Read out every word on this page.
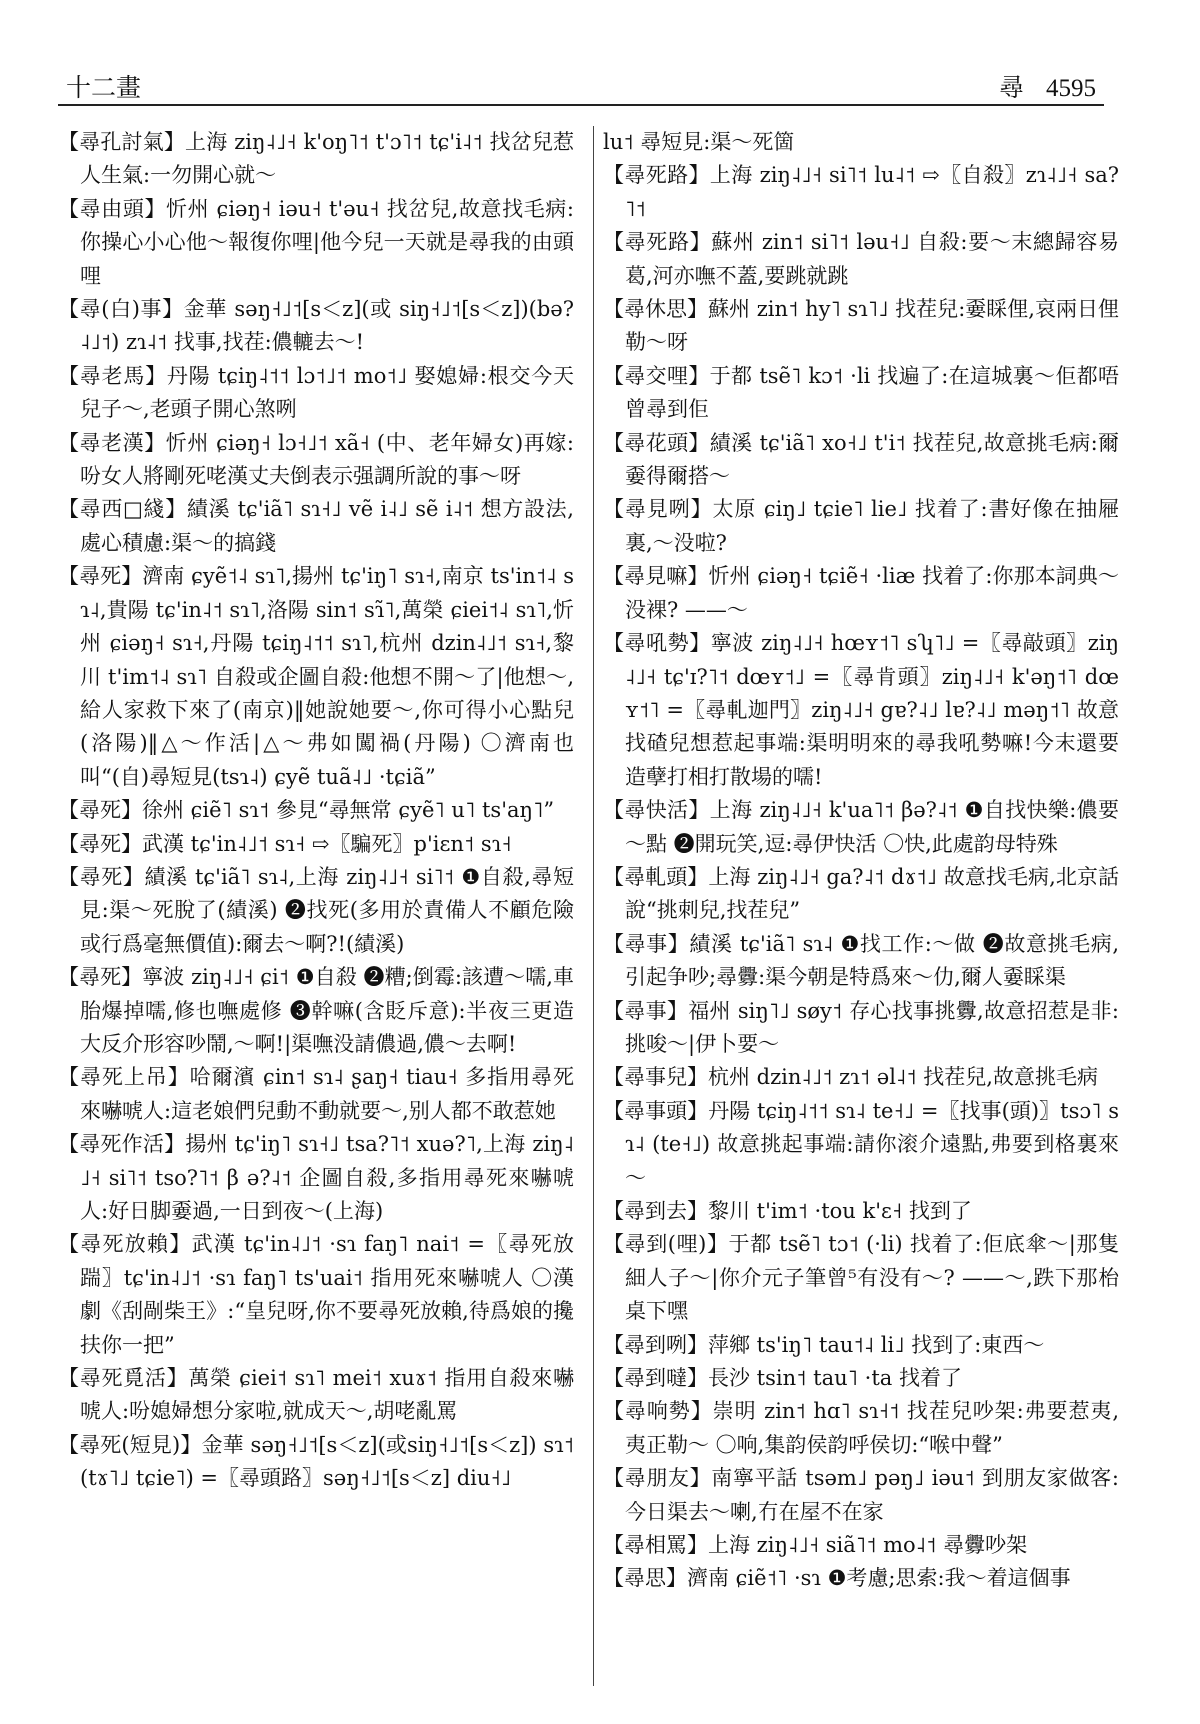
十二畫	尋 4595

【尋孔討氣】上海 ziŋ˨˩˧ k'oŋ˥˦ t'ɔ˥˦ tɕ'i˨˦ 找岔兒惹人生氣:一勿開心就～

【尋由頭】忻州 ɕiəŋ˧ iəu˧ t'əu˧ 找岔兒,故意找毛病:你操心小心他～報復你哩|他今兒一天就是尋我的由頭哩

【尋(白)事】金華 səŋ˧˩˦[s＜z](或 siŋ˧˩˦[s＜z])(bə?˨˩˦) zɿ˨˦ 找事,找茬:儂轆去～!

【尋老馬】丹陽 tɕiŋ˨˦˦ lɔ˦˩˦ mo˦˩ 娶媳婦:根交今天兒子～,老頭子開心煞咧

【尋老漢】忻州 ɕiəŋ˧ lɔ˧˩˦ xã˧ (中、老年婦女)再嫁:吩女人將剛死咾漢丈夫倒表示强調所說的事～呀

【尋西□綫】績溪 tɕ'iã˥ sɿ˧˩ vẽ i˨˩ sẽ i˨˦ 想方設法,處心積慮:渠～的搞錢

【尋死】濟南 ɕyẽ˦˨ sɿ˥,揚州 tɕ'iŋ˥ sɿ˧,南京 ts'in˦˨ sɿ˨,貴陽 tɕ'in˨˦ sɿ˥,洛陽 sin˦ sɿ̃˥,萬榮 ɕiei˦˨ sɿ˥,忻州 ɕiəŋ˧ sɿ˧,丹陽 tɕiŋ˨˦˦ sɿ˥,杭州 dzin˨˩˦ sɿ˧,黎川 t'im˦˨ sɿ˥ 自殺或企圖自殺:他想不開～了|他想～,給人家救下來了(南京)‖她說她要～,你可得小心點兒(洛陽)‖△～作活|△～弗如闖禍(丹陽) 〇濟南也叫“(自)尋短見(tsɿ˨) ɕyẽ tuã˨˩ ·tɕiã”

【尋死】徐州 ɕiẽ˥ sɿ˦ 參見“尋無常 ɕyẽ˥ u˥ ts'aŋ˥”

【尋死】武漢 tɕ'in˨˩˦ sɿ˧ ⇨〖騙死〗p'iɛn˦ sɿ˧

【尋死】績溪 tɕ'iã˥ sɿ˨,上海 ziŋ˨˩˧ si˥˦ ❶自殺,尋短見:渠～死脫了(績溪) ❷找死(多用於責備人不顧危險或行爲毫無價值):爾去～啊?!(績溪)

【尋死】寧波 ziŋ˨˩˧ ɕi˦ ❶自殺 ❷糟;倒霉:該遭～嚅,車胎爆掉嚅,修也嘸處修 ❸幹嘛(含貶斥意):半夜三更造大反介形容吵鬧,～啊!|渠嘸没請儂過,儂～去啊!

【尋死上吊】哈爾濱 ɕin˦ sɿ˨ ʂaŋ˧ tiau˧ 多指用尋死來嚇唬人:這老娘們兒動不動就要～,别人都不敢惹她

【尋死作活】揚州 tɕ'iŋ˥ sɿ˧˩ tsa?˥˦ xuə?˥,上海 ziŋ˨˩˧ si˥˦ tso?˥˦ β ə?˨˦ 企圖自殺,多指用尋死來嚇唬人:好日脚嫑過,一日到夜～(上海)

【尋死放賴】武漢 tɕ'in˨˩˦ ·sɿ faŋ˥ nai˦ =〖尋死放踹〗tɕ'in˨˩˦ ·sɿ faŋ˥ ts'uai˦ 指用死來嚇唬人 〇漢劇《刮剮柴王》:“皇兒呀,你不要尋死放賴,待爲娘的攙扶你一把”

【尋死覓活】萬榮 ɕiei˦ sɿ˥ mei˦ xuɤ˦ 指用自殺來嚇唬人:吩媳婦想分家啦,就成天～,胡咾亂罵

【尋死(短見)】金華 səŋ˧˩˦[s＜z](或siŋ˧˩˦[s＜z]) sɿ˦ (tɤ˥˩ tɕie˥) =〖尋頭路〗səŋ˧˩˦[s＜z] diu˧˩

lu˦ 尋短見:渠～死箇

【尋死路】上海 ziŋ˨˩˧ si˥˦ lu˨˦ ⇨〖自殺〗zɿ˨˩˧ sa?˥˦

【尋死路】蘇州 zin˦ si˥˦ ləu˧˩ 自殺:要～末總歸容易葛,河亦嘸不蓋,要跳就跳

【尋休思】蘇州 zin˦ hy˥ sɿ˥˩ 找茬兒:嫑睬俚,哀兩日俚勒～呀

【尋交哩】于都 tsẽ˥ kɔ˦ ·li 找遍了:在這城裏～佢都唔曾尋到佢

【尋花頭】績溪 tɕ'iã˥ xo˧˩ t'i˦ 找茬兒,故意挑毛病:爾嫑得爾搭～

【尋見咧】太原 ɕiŋ˩ tɕie˥ lie˩ 找着了:書好像在抽屜裏,～没啦?

【尋見嘛】忻州 ɕiəŋ˧ tɕiẽ˧ ·liæ 找着了:你那本詞典～没裸? ——～

【尋吼勢】寧波 ziŋ˨˩˧ hœʏ˦˥ sʮ˥˩ =〖尋敲頭〗ziŋ˨˩˧ tɕ'ɪ?˥˦ dœʏ˦˩ =〖尋肯頭〗ziŋ˨˩˧ k'əŋ˦˥ dœʏ˦˥ =〖尋軋迦門〗ziŋ˨˩˧ gɐ?˨˩ lɐ?˨˩ məŋ˦˥ 故意找碴兒想惹起事端:渠明明來的尋我吼勢嘛!今末還要造孽打相打散場的嚅!

【尋快活】上海 ziŋ˨˩˧ k'ua˥˦ βə?˨˦ ❶自找快樂:儂要～點 ❷開玩笑,逗:尋伊快活 〇快,此處韵母特殊

【尋軋頭】上海 ziŋ˨˩˧ ga?˨˦ dɤ˦˩ 故意找毛病,北京話說“挑刺兒,找茬兒”

【尋事】績溪 tɕ'iã˥ sɿ˨ ❶找工作:～做 ❷故意挑毛病,引起争吵;尋釁:渠今朝是特爲來～仂,爾人嫑睬渠

【尋事】福州 siŋ˥˩ søy˦ 存心找事挑釁,故意招惹是非:挑唆～|伊卜要～

【尋事兒】杭州 dzin˨˩˦ zɿ˦ əl˨˦ 找茬兒,故意挑毛病

【尋事頭】丹陽 tɕiŋ˨˦˦ sɿ˨ te˧˩ =〖找事(頭)〗tsɔ˥ sɿ˨ (te˧˩) 故意挑起事端:請你滚介遠點,弗要到格裏來～

【尋到去】黎川 t'im˦ ·tou k'ɛ˧ 找到了

【尋到(哩)】于都 tsẽ˥ tɔ˦ (·li) 找着了:佢底傘～|那隻細人子～|你介元子筆曾⁵有没有～? ——～,跌下那枱桌下嘿

【尋到咧】萍鄉 ts'iŋ˥ tau˦˨ li˩ 找到了:東西～

【尋到噠】長沙 tsin˦ tau˥ ·ta 找着了

【尋响勢】崇明 zin˦ hɑ˥ sɿ˧˦ 找茬兒吵架:弗要惹夷,夷正勒～ 〇响,集韵侯韵呼侯切:“喉中聲”

【尋朋友】南寧平話 tsəm˩ pəŋ˩ iəu˦ 到朋友家做客:今日渠去～喇,冇在屋不在家

【尋相罵】上海 ziŋ˨˩˧ siã˥˦ mo˨˦ 尋釁吵架

【尋思】濟南 ɕiẽ˦˥ ·sɿ ❶考慮;思索:我～着這個事
